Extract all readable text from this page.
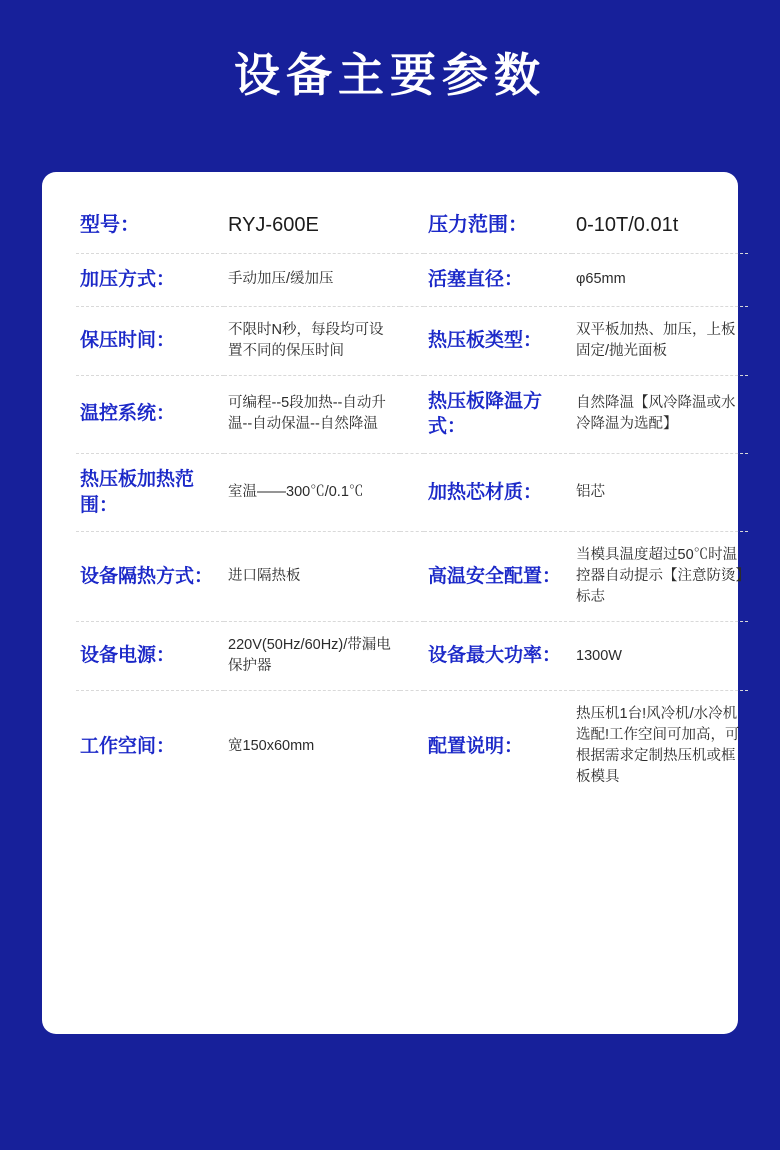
设备主要参数
型号：	RYJ-600E		压力范围：	0-10T/0.01t
加压方式：	手动加压/缓加压		活塞直径：	φ65mm
保压时间：	不限时N秒，每段均可设置不同的保压时间		热压板类型：	双平板加热、加压，上板固定/抛光面板
温控系统：	可编程--5段加热--自动升温--自动保温--自然降温		热压板降温方式：	自然降温【风冷降温或水冷降温为选配】
热压板加热范围：	室温——300℃/0.1℃		加热芯材质：	铝芯
设备隔热方式：	进口隔热板		高温安全配置：	当模具温度超过50℃时温控器自动提示【注意防烫】标志
设备电源：	220V(50Hz/60Hz)/带漏电保护器		设备最大功率：	1300W
工作空间：	宽150x60mm		配置说明：	热压机1台!风冷机/水冷机选配!工作空间可加高，可根据需求定制热压机或框板模具
